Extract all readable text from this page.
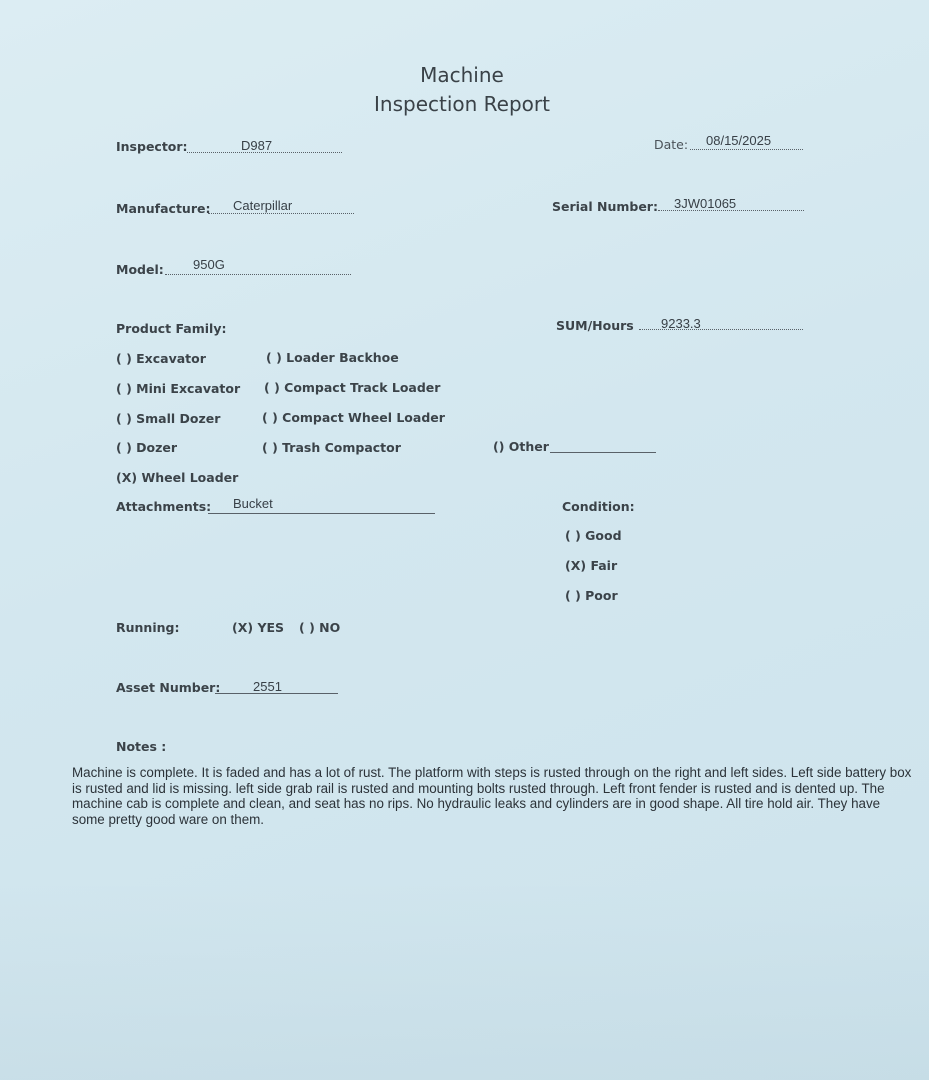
Machine
Inspection Report
Inspector:	D987	Date: 08/15/2025
Manufacture: Caterpillar	Serial Number: 3JW01065
Model: 950G
Product Family:	SUM/Hours 9233.3
( ) Excavator
( ) Mini Excavator
( ) Small Dozer
( ) Dozer
(X) Wheel Loader
( ) Loader Backhoe
( ) Compact Track Loader
( ) Compact Wheel Loader
( ) Trash Compactor	() Other
Attachments: Bucket	Condition:
( ) Good
(X) Fair
( ) Poor
Running:	(X) YES ( ) NO
Asset Number:	2551
Notes :
Machine is complete. It is faded and has a lot of rust. The platform with steps is rusted through on the right and left sides. Left side battery box is rusted and lid is missing. left side grab rail is rusted and mounting bolts rusted through. Left front fender is rusted and is dented up. The machine cab is complete and clean, and seat has no rips. No hydraulic leaks and cylinders are in good shape. All tire hold air. They have some pretty good ware on them.
